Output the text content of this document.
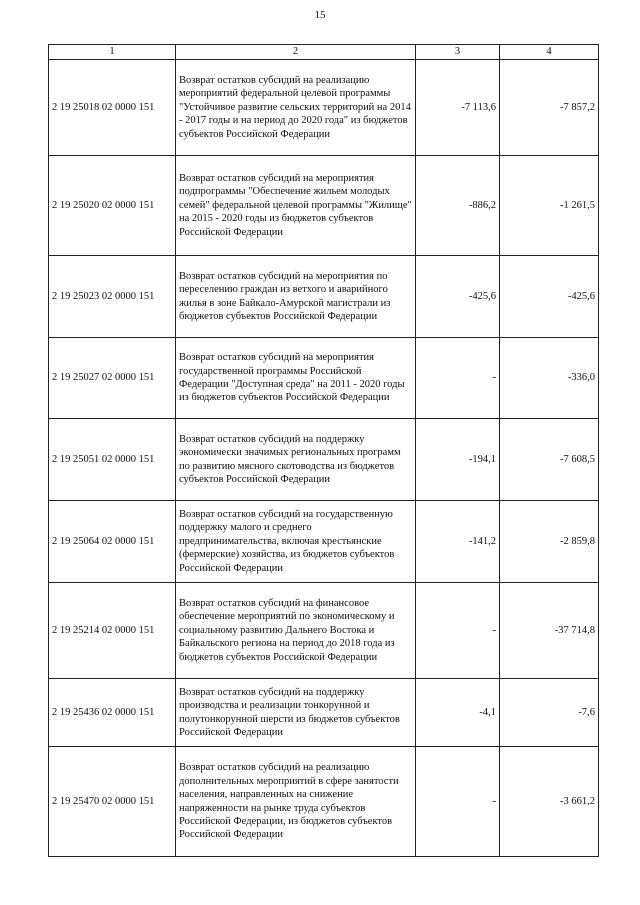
15
1	2	3	4
2 19 25018 02 0000 151	Возврат остатков субсидий на реализацию мероприятий федеральной целевой программы "Устойчивое развитие сельских территорий на 2014 - 2017 годы и на период до 2020 года" из бюджетов субъектов Российской Федерации	-7 113,6	-7 857,2
2 19 25020 02 0000 151	Возврат остатков субсидий на мероприятия подпрограммы "Обеспечение жильем молодых семей" федеральной целевой программы "Жилище" на 2015 - 2020 годы из бюджетов субъектов Российской Федерации	-886,2	-1 261,5
2 19 25023 02 0000 151	Возврат остатков субсидий на мероприятия по переселению граждан из ветхого и аварийного жилья в зоне Байкало-Амурской магистрали из бюджетов субъектов Российской Федерации	-425,6	-425,6
2 19 25027 02 0000 151	Возврат остатков субсидий на мероприятия государственной программы Российской Федерации "Доступная среда" на 2011 - 2020 годы из бюджетов субъектов Российской Федерации	-	-336,0
2 19 25051 02 0000 151	Возврат остатков субсидий на поддержку экономически значимых региональных программ по развитию мясного скотоводства из бюджетов субъектов Российской Федерации	-194,1	-7 608,5
2 19 25064 02 0000 151	Возврат остатков субсидий на государственную поддержку малого и среднего предпринимательства, включая крестьянские (фермерские) хозяйства, из бюджетов субъектов Российской Федерации	-141,2	-2 859,8
2 19 25214 02 0000 151	Возврат остатков субсидий на финансовое обеспечение мероприятий по экономическому и социальному развитию Дальнего Востока и Байкальского региона на период до 2018 года из бюджетов субъектов Российской Федерации	-	-37 714,8
2 19 25436 02 0000 151	Возврат остатков субсидий на поддержку производства и реализации тонкорунной и полутонкорунной шерсти из бюджетов субъектов Российской Федерации	-4,1	-7,6
2 19 25470 02 0000 151	Возврат остатков субсидий на реализацию дополнительных мероприятий в сфере занятости населения, направленных на снижение напряженности на рынке труда субъектов Российской Федерации, из бюджетов субъектов Российской Федерации	-	-3 661,2
